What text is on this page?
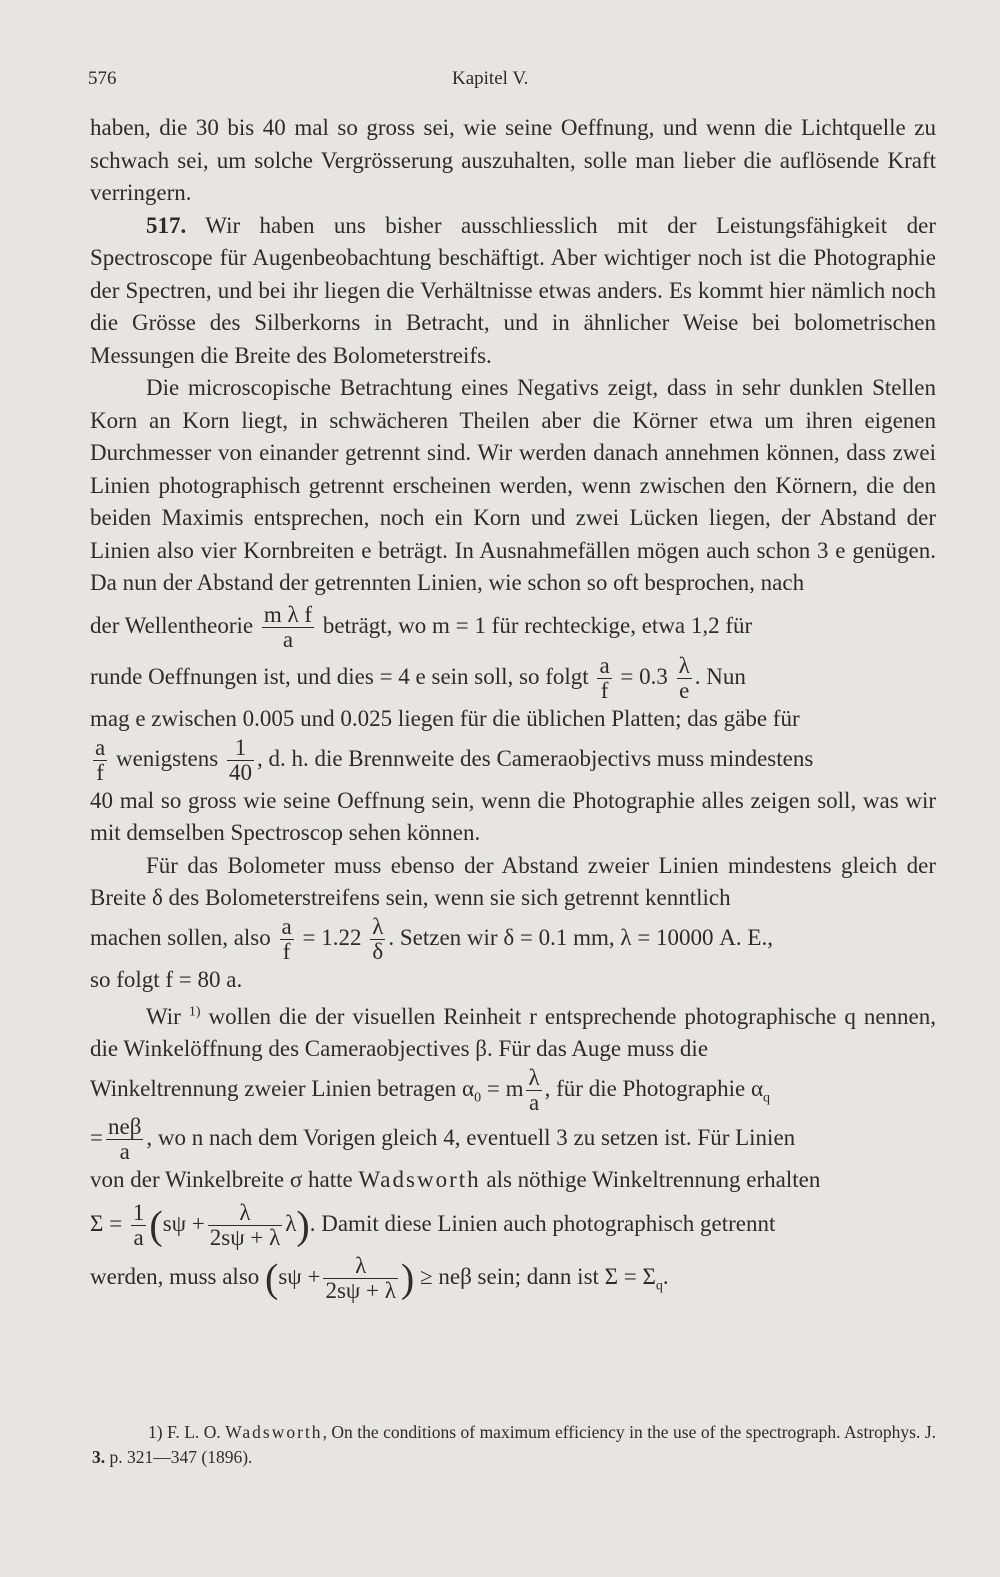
576	Kapitel V.

haben, die 30 bis 40 mal so gross sei, wie seine Oeffnung, und wenn die Lichtquelle zu schwach sei, um solche Vergrösserung auszuhalten, solle man lieber die auflösende Kraft verringern.

517. Wir haben uns bisher ausschliesslich mit der Leistungsfähigkeit der Spectroscope für Augenbeobachtung beschäftigt. Aber wichtiger noch ist die Photographie der Spectren, und bei ihr liegen die Verhältnisse etwas anders. Es kommt hier nämlich noch die Grösse des Silberkorns in Betracht, und in ähnlicher Weise bei bolometrischen Messungen die Breite des Bolometerstreifs.

Die microscopische Betrachtung eines Negativs zeigt, dass in sehr dunklen Stellen Korn an Korn liegt, in schwächeren Theilen aber die Körner etwa um ihren eigenen Durchmesser von einander getrennt sind. Wir werden danach annehmen können, dass zwei Linien photographisch getrennt erscheinen werden, wenn zwischen den Körnern, die den beiden Maximis entsprechen, noch ein Korn und zwei Lücken liegen, der Abstand der Linien also vier Kornbreiten e beträgt. In Ausnahmefällen mögen auch schon 3 e genügen. Da nun der Abstand der getrennten Linien, wie schon so oft besprochen, nach

der Wellentheorie $\frac{\text{m λ f}}{a}$ beträgt, wo m = 1 für rechteckige, etwa 1,2 für

runde Oeffnungen ist, und dies = 4 e sein soll, so folgt $\frac{a}{f} = 0.3 \frac{\lambda}{e}$ . Nun

mag e zwischen 0.005 und 0.025 liegen für die üblichen Platten; das gäbe für

$\frac{a}{f}$ wenigstens $\frac{1}{40}$ , d. h. die Brennweite des Cameraobjectivs muss mindestens

40 mal so gross wie seine Oeffnung sein, wenn die Photographie alles zeigen soll, was wir mit demselben Spectroscop sehen können.

Für das Bolometer muss ebenso der Abstand zweier Linien mindestens gleich der Breite δ des Bolometerstreifens sein, wenn sie sich getrennt kenntlich

machen sollen, also $\frac{a}{f} = 1.22 \frac{\lambda}{\delta}$ . Setzen wir δ = 0.1 mm, λ = 10000 A. E.,

so folgt f = 80 a.

Wir $^{1)}$ wollen die der visuellen Reinheit r entsprechende photographische q nennen, die Winkelöffnung des Cameraobjectives β. Für das Auge muss die

Winkeltrennung zweier Linien betragen $\alpha_0 = m \frac{\lambda}{a}$ , für die Photographie $\alpha_q$

= $\frac{\text{neβ}}{a}$ , wo n nach dem Vorigen gleich 4, eventuell 3 zu setzen ist. Für Linien

von der Winkelbreite σ hatte Wadsworth als nöthige Winkeltrennung erhalten

$\Sigma = \frac{1}{a} (s\psi + \frac{\lambda}{2s\psi + \lambda} \lambda)$. Damit diese Linien auch photographisch getrennt

werden, muss also ($s\psi + \frac{\lambda}{2s\psi + \lambda}$ ) ≥ neβ sein; dann ist $\Sigma = \Sigma_q$.

1) F. L. O. Wadsworth, On the conditions of maximum efficiency in the use of the spectrograph. Astrophys. J. 3. p. 321—347 (1896).
